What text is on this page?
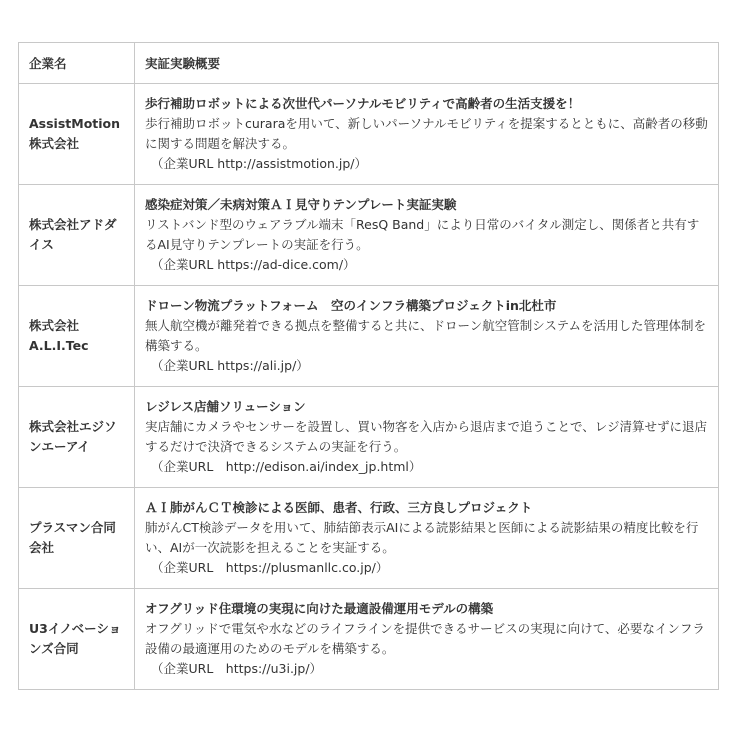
企業名	実証実験概要

AssistMotion株式会社	歩行補助ロボットによる次世代パーソナルモビリティで高齢者の生活支援を！
歩行補助ロボットcuraraを用いて、新しいパーソナルモビリティを提案するとともに、高齢者の移動に関する問題を解決する。
（企業URL http://assistmotion.jp/）

株式会社アドダイス	感染症対策／未病対策ＡＩ見守りテンプレート実証実験
リストバンド型のウェアラブル端末「ResQ Band」により日常のバイタル測定し、関係者と共有するAI見守りテンプレートの実証を行う。
（企業URL https://ad-dice.com/）

株式会社A.L.I.Tec	ドローン物流プラットフォーム　空のインフラ構築プロジェクトin北杜市
無人航空機が離発着できる拠点を整備すると共に、ドローン航空管制システムを活用した管理体制を構築する。
（企業URL https://ali.jp/）

株式会社エジソンエーアイ	レジレス店舗ソリューション
実店舗にカメラやセンサーを設置し、買い物客を入店から退店まで追うことで、レジ清算せずに退店するだけで決済できるシステムの実証を行う。
（企業URL　http://edison.ai/index_jp.html）

プラスマン合同会社	ＡＩ肺がんＣＴ検診による医師、患者、行政、三方良しプロジェクト
肺がんCT検診データを用いて、肺結節表示AIによる読影結果と医師による読影結果の精度比較を行い、AIが一次読影を担えることを実証する。
（企業URL　https://plusmanllc.co.jp/）

U3イノベーションズ合同	オフグリッド住環境の実現に向けた最適設備運用モデルの構築
オフグリッドで電気や水などのライフラインを提供できるサービスの実現に向けて、必要なインフラ設備の最適運用のためのモデルを構築する。
（企業URL　https://u3i.jp/）
